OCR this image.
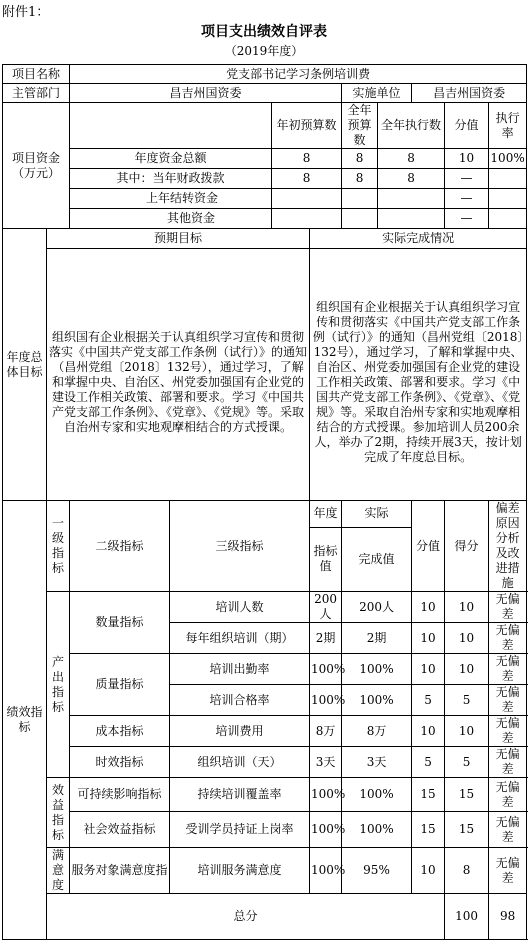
附件1：
项目支出绩效自评表
（2019年度）
项目名称		党支部书记学习条例培训费									
主管部门		昌吉州国资委				实施单位		昌吉州国资委			
项目资金（万元）				年初预算数		全年预算数	全年执行数		分值	执行率	
		年度资金总额		8		8	8		10	100%	
		其中：当年财政拨款		8		8	8		—		
		上年结转资金							—		
		其他资金							—		
年度总体目标	预期目标				实际完成情况						
	组织国有企业根据关于认真组织学习宣传和贯彻落实《中国共产党支部工作条例（试行）》的通知（昌州党组〔2018〕132号），通过学习，了解和掌握中央、自治区、州党委加强国有企业党的建设工作相关政策、部署和要求。学习《中国共产党支部工作条例》、《党章》、《党规》等。采取自治州专家和实地观摩相结合的方式授课。				组织国有企业根据关于认真组织学习宣传和贯彻落实《中国共产党支部工作条例（试行）》的通知（昌州党组〔2018〕132号），通过学习，了解和掌握中央、自治区、州党委加强国有企业党的建设工作相关政策、部署和要求。学习《中国共产党支部工作条例》、《党章》、《党规》等。采取自治州专家和实地观摩相结合的方式授课。参加培训人员200余人，举办了2期，持续开展3天，按计划完成了年度总目标。						
绩效指标	一级指标	二级指标	三级指标		年度	实际		分值	得分	偏差原因分析及改进措施	
					指标值	完成值					
	产出指标	数量指标	培训人数		200人	200人		10	10	无偏差	
			每年组织培训（期）		2期	2期		10	10	无偏差	
		质量指标	培训出勤率		100%	100%		10	10	无偏差	
			培训合格率		100%	100%		5	5	无偏差	
		成本指标	培训费用		8万	8万		10	10	无偏差	
		时效指标	组织培训（天）		3天	3天		5	5	无偏差	
	效益指标	可持续影响指标	持续培训覆盖率		100%	100%		15	15	无偏差	
		社会效益指标	受训学员持证上岗率		100%	100%		15	15	无偏差	
	满意度	服务对象满意度指	培训服务满意度		100%	95%		10	8	无偏差	
	总分								100	98	
